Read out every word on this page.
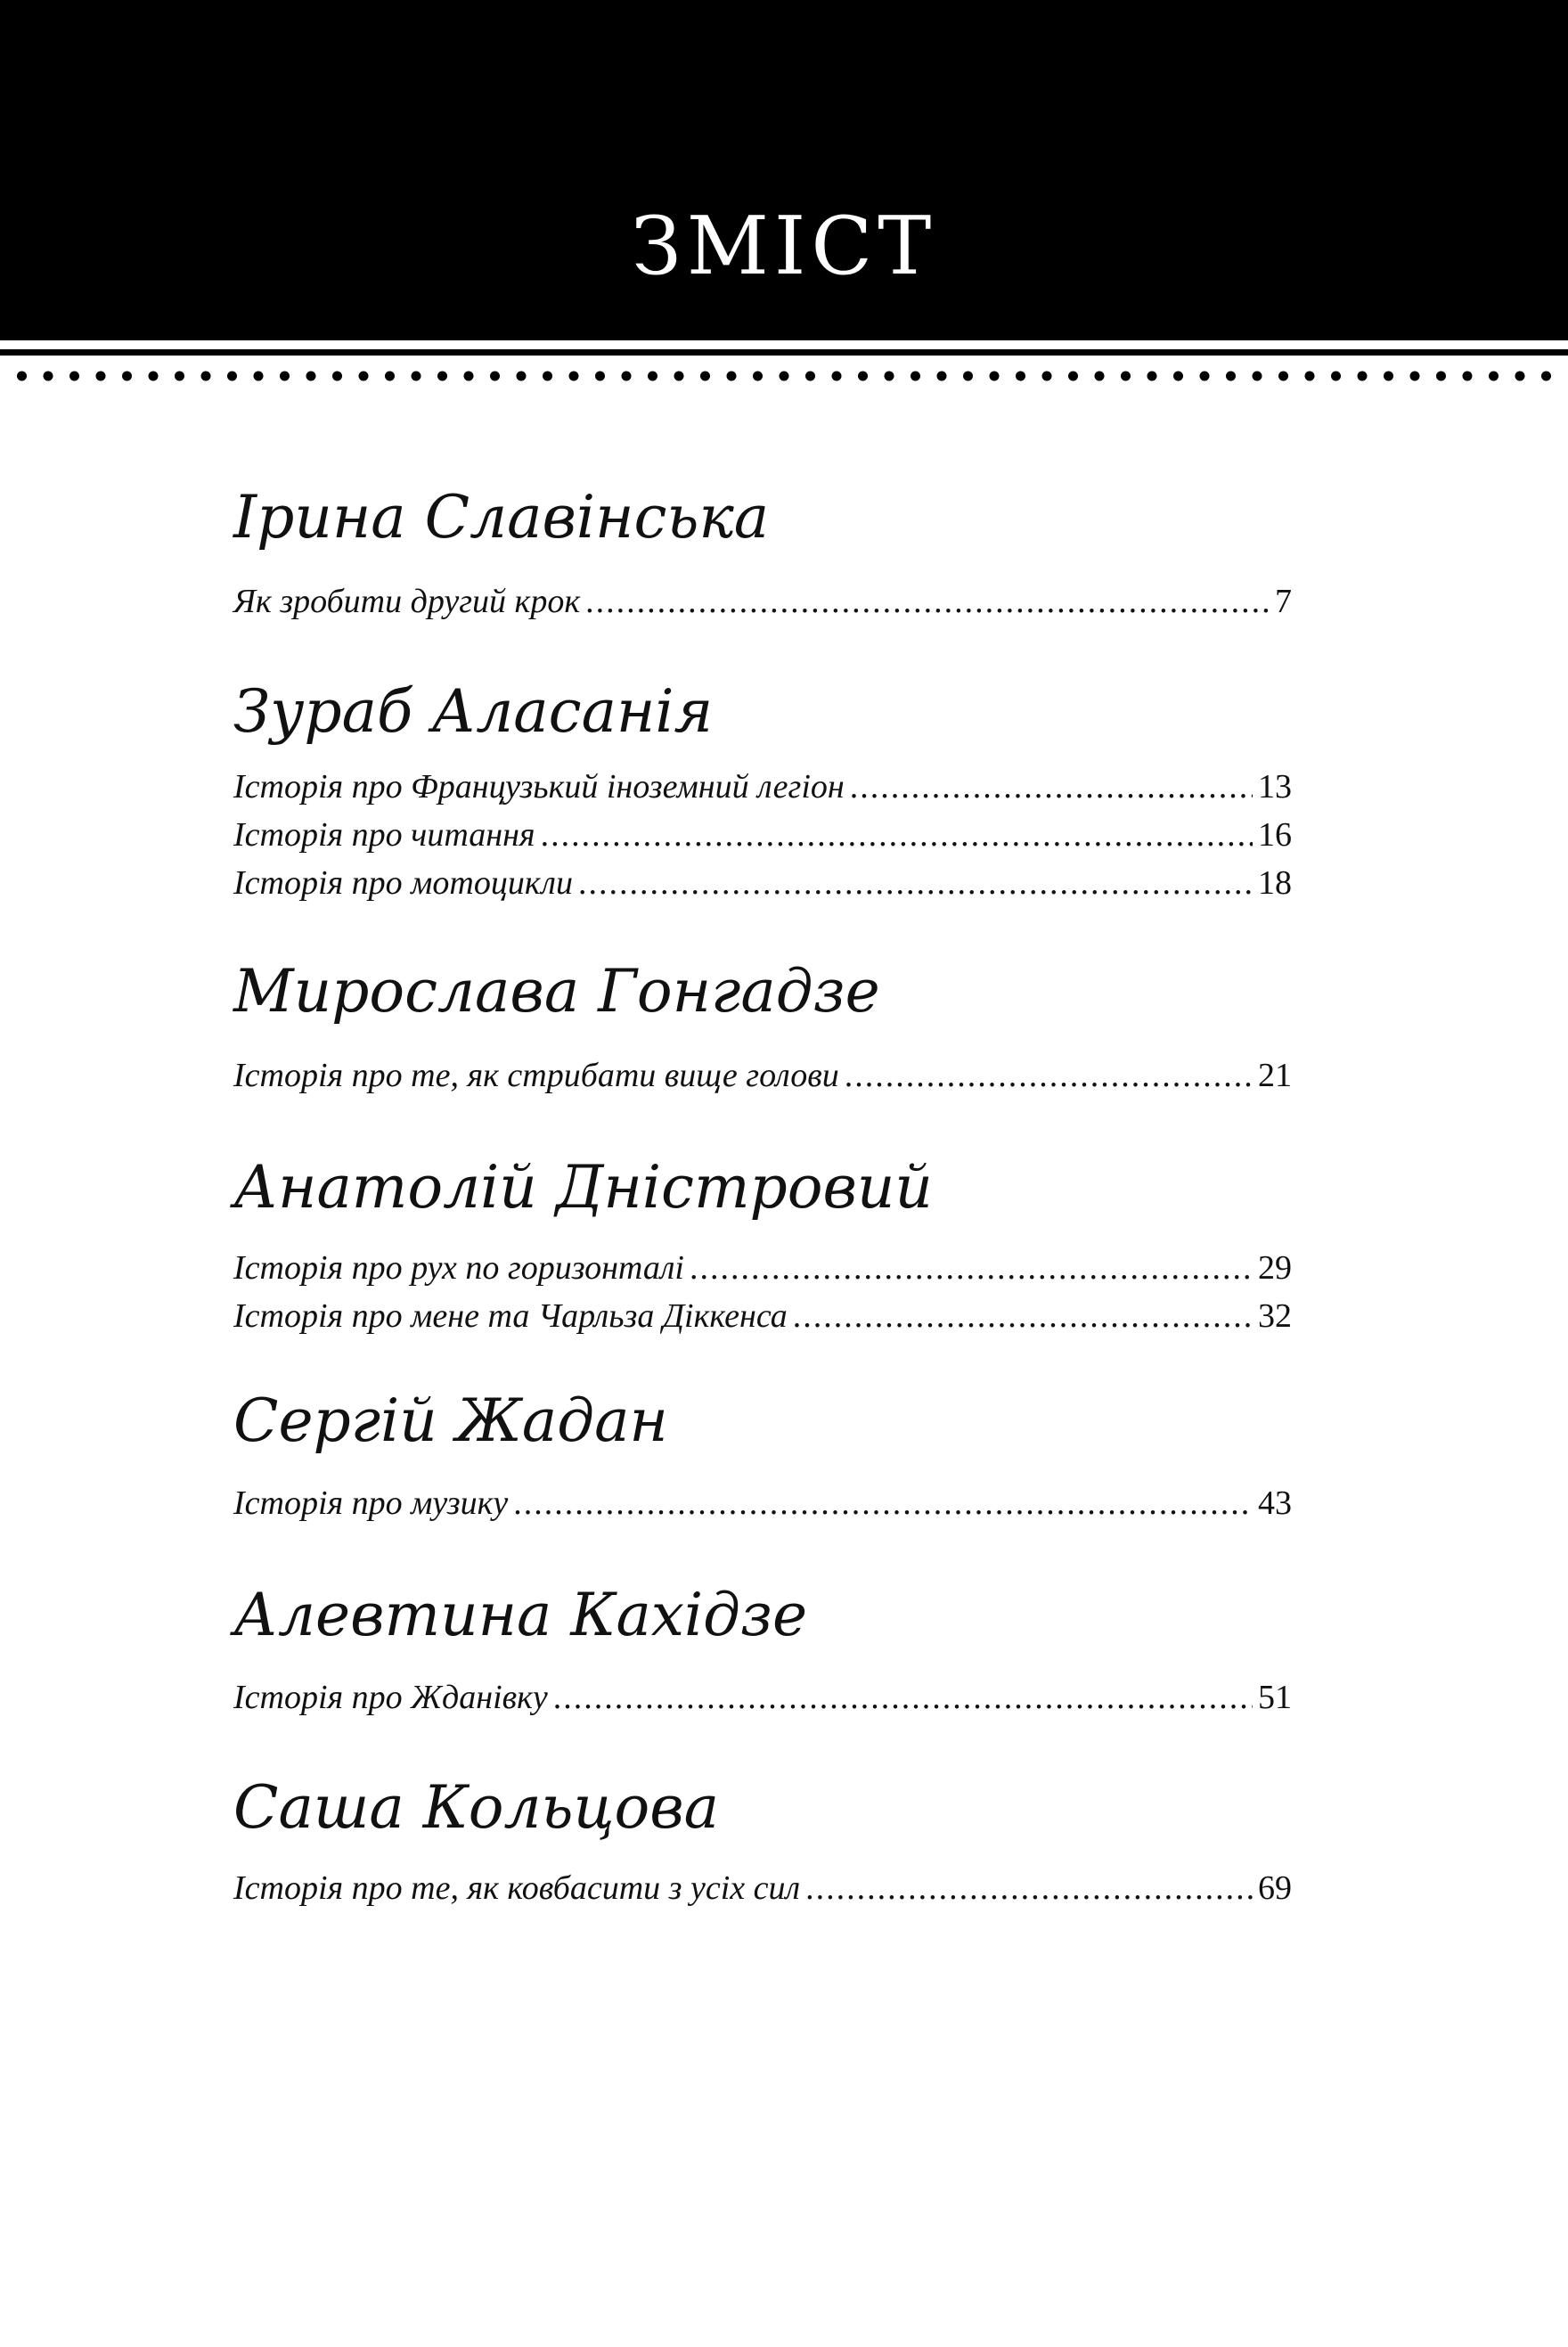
ЗМІСТ
Ірина Славінська
Як зробити другий крок .....	7
Зураб Аласанія
Історія про Французький іноземний легіон .....	13
Історія про читання .....	16
Історія про мотоцикли .....	18
Мирослава Гонгадзе
Історія про те, як стрибати вище голови .....	21
Анатолій Дністровий
Історія про рух по горизонталі .....	29
Історія про мене та Чарльза Діккенса .....	32
Сергій Жадан
Історія про музику .....	43
Алевтина Кахідзе
Історія про Жданівку .....	51
Саша Кольцова
Історія про те, як ковбасити з усіх сил .....	69
